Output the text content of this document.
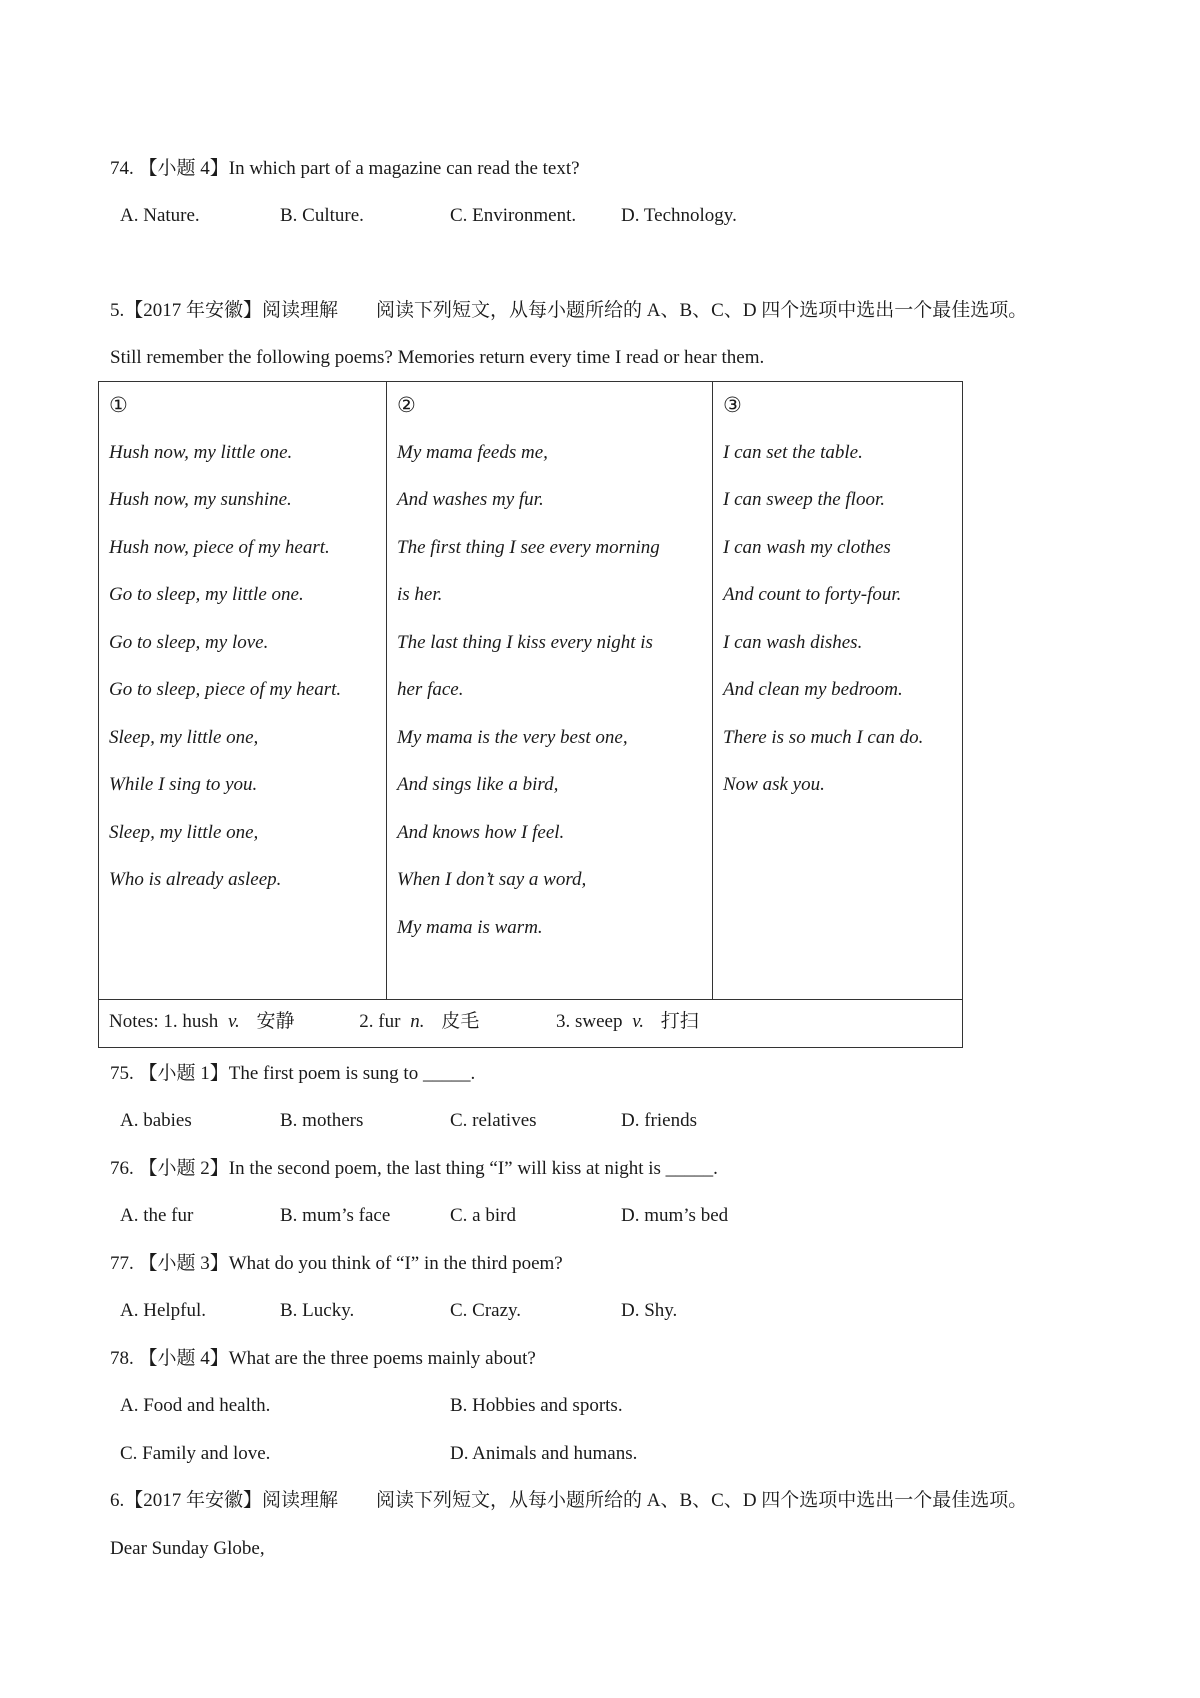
74. 【小题 4】In which part of a magazine can read the text?
A. Nature.	B. Culture.	C. Environment. D. Technology.
5.【2017 年安徽】阅读理解　　阅读下列短文，从每小题所给的 A、B、C、D 四个选项中选出一个最佳选项。
Still remember the following poems? Memories return every time I read or hear them.
①
Hush now, my little one.
Hush now, my sunshine.
Hush now, piece of my heart.
Go to sleep, my little one.
Go to sleep, my love.
Go to sleep, piece of my heart.
Sleep, my little one,
While I sing to you.
Sleep, my little one,
Who is already asleep.
②
My mama feeds me,
And washes my fur.
The first thing I see every morning
is her.
The last thing I kiss every night is
her face.
My mama is the very best one,
And sings like a bird,
And knows how I feel.
When I don’t say a word,
My mama is warm.
③
I can set the table.
I can sweep the floor.
I can wash my clothes
And count to forty-four.
I can wash dishes.
And clean my bedroom.
There is so much I can do.
Now ask you.
Notes: 1. hush v. 安静	2. fur n. 皮毛	3. sweep v. 打扫
75. 【小题 1】The first poem is sung to _____.
A. babies	B. mothers	C. relatives	D. friends
76. 【小题 2】In the second poem, the last thing “I” will kiss at night is _____.
A. the fur	B. mum’s face	C. a bird	D. mum’s bed
77. 【小题 3】What do you think of “I” in the third poem?
A. Helpful.	B. Lucky.	C. Crazy.	D. Shy.
78. 【小题 4】What are the three poems mainly about?
A. Food and health.	B. Hobbies and sports.
C. Family and love.	D. Animals and humans.
6.【2017 年安徽】阅读理解　　阅读下列短文，从每小题所给的 A、B、C、D 四个选项中选出一个最佳选项。
Dear Sunday Globe,
